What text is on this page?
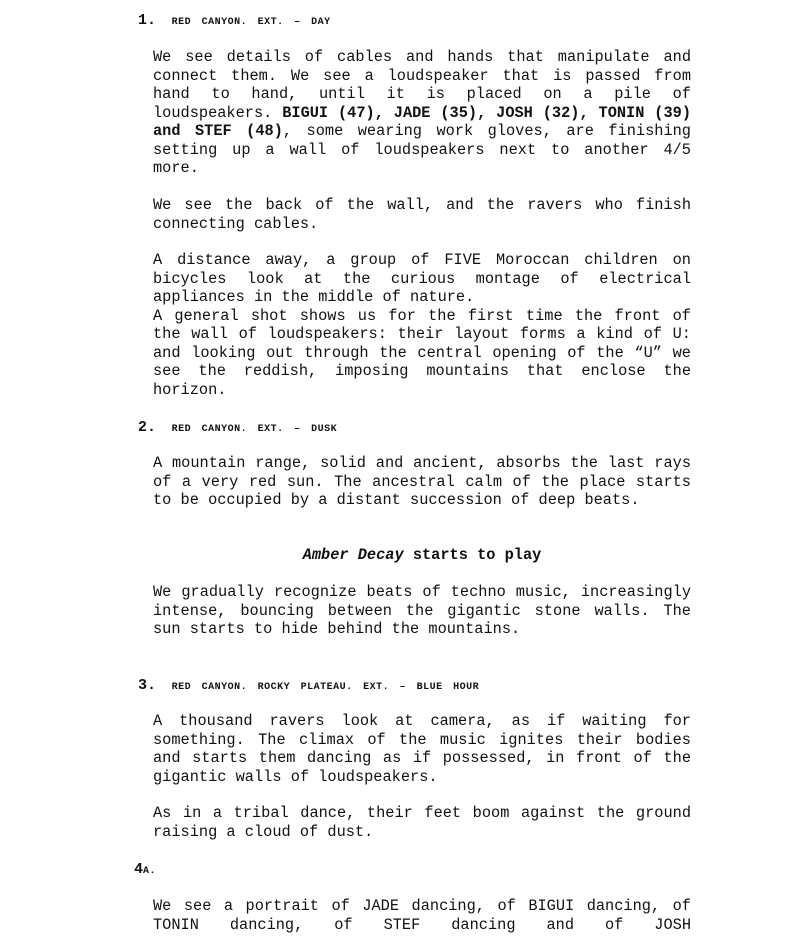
1. RED CANYON. EXT. – DAY

We see details of cables and hands that manipulate and connect them. We see a loudspeaker that is passed from hand to hand, until it is placed on a pile of loudspeakers. BIGUI (47), JADE (35), JOSH (32), TONIN (39) and STEF (48), some wearing work gloves, are finishing setting up a wall of loudspeakers next to another 4/5 more.

We see the back of the wall, and the ravers who finish connecting cables.

A distance away, a group of FIVE Moroccan children on bicycles look at the curious montage of electrical appliances in the middle of nature.

A general shot shows us for the first time the front of the wall of loudspeakers: their layout forms a kind of U: and looking out through the central opening of the “U” we see the reddish, imposing mountains that enclose the horizon.

2. RED CANYON. EXT. – DUSK

A mountain range, solid and ancient, absorbs the last rays of a very red sun. The ancestral calm of the place starts to be occupied by a distant succession of deep beats.

Amber Decay starts to play

We gradually recognize beats of techno music, increasingly intense, bouncing between the gigantic stone walls. The sun starts to hide behind the mountains.

3. RED CANYON. ROCKY PLATEAU. EXT. – BLUE HOUR

A thousand ravers look at camera, as if waiting for something. The climax of the music ignites their bodies and starts them dancing as if possessed, in front of the gigantic walls of loudspeakers.

As in a tribal dance, their feet boom against the ground raising a cloud of dust.

4A.

We see a portrait of JADE dancing, of BIGUI dancing, of TONIN dancing, of STEF dancing and of JOSH
